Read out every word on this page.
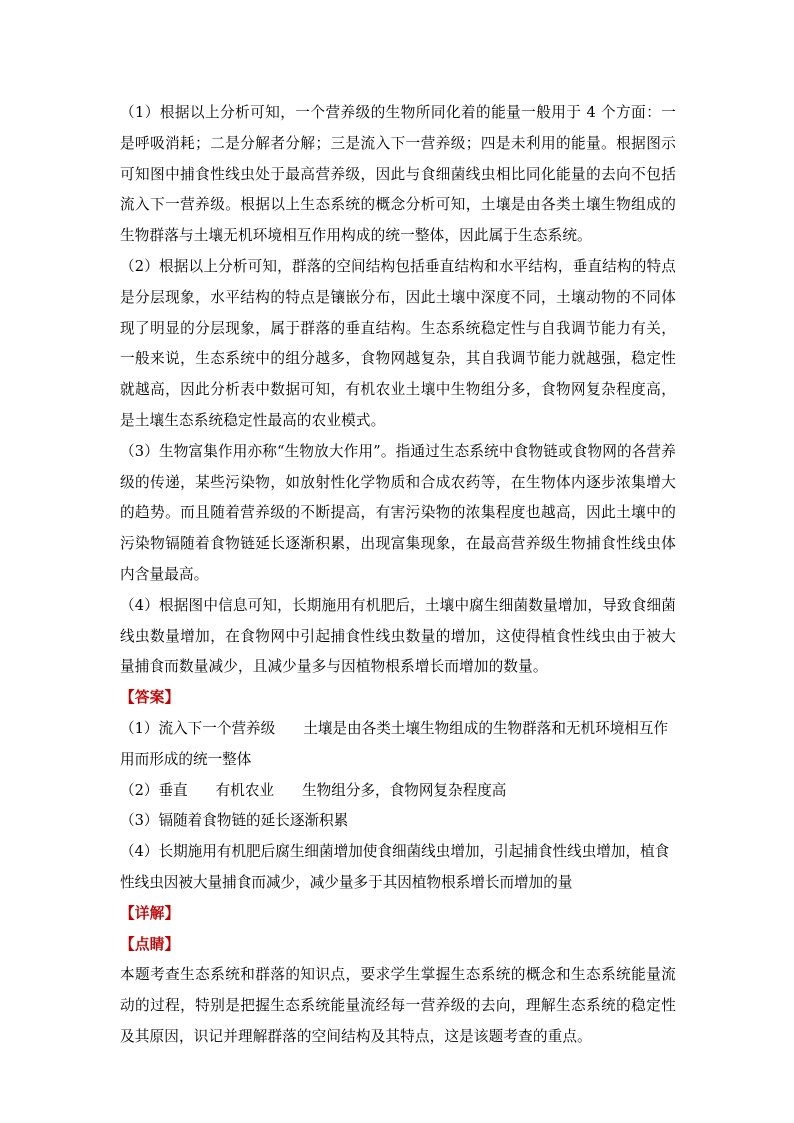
（1）根据以上分析可知，一个营养级的生物所同化着的能量一般用于 4 个方面：一是呼吸消耗；二是分解者分解；三是流入下一营养级；四是未利用的能量。根据图示可知图中捕食性线虫处于最高营养级，因此与食细菌线虫相比同化能量的去向不包括流入下一营养级。根据以上生态系统的概念分析可知，土壤是由各类土壤生物组成的生物群落与土壤无机环境相互作用构成的统一整体，因此属于生态系统。

（2）根据以上分析可知，群落的空间结构包括垂直结构和水平结构，垂直结构的特点是分层现象，水平结构的特点是镶嵌分布，因此土壤中深度不同，土壤动物的不同体现了明显的分层现象，属于群落的垂直结构。生态系统稳定性与自我调节能力有关，一般来说，生态系统中的组分越多，食物网越复杂，其自我调节能力就越强，稳定性就越高，因此分析表中数据可知，有机农业土壤中生物组分多，食物网复杂程度高，是土壤生态系统稳定性最高的农业模式。

（3）生物富集作用亦称“生物放大作用”。指通过生态系统中食物链或食物网的各营养级的传递，某些污染物，如放射性化学物质和合成农药等，在生物体内逐步浓集增大的趋势。而且随着营养级的不断提高，有害污染物的浓集程度也越高，因此土壤中的污染物镉随着食物链延长逐渐积累，出现富集现象，在最高营养级生物捕食性线虫体内含量最高。

（4）根据图中信息可知，长期施用有机肥后，土壤中腐生细菌数量增加，导致食细菌线虫数量增加，在食物网中引起捕食性线虫数量的增加，这使得植食性线虫由于被大量捕食而数量减少，且减少量多与因植物根系增长而增加的数量。

【答案】

（1）流入下一个营养级 土壤是由各类土壤生物组成的生物群落和无机环境相互作用而形成的统一整体

（2）垂直 有机农业 生物组分多，食物网复杂程度高

（3）镉随着食物链的延长逐渐积累

（4）长期施用有机肥后腐生细菌增加使食细菌线虫增加，引起捕食性线虫增加，植食性线虫因被大量捕食而减少，减少量多于其因植物根系增长而增加的量

【详解】

【点睛】

本题考查生态系统和群落的知识点，要求学生掌握生态系统的概念和生态系统能量流动的过程，特别是把握生态系统能量流经每一营养级的去向，理解生态系统的稳定性及其原因，识记并理解群落的空间结构及其特点，这是该题考查的重点。
